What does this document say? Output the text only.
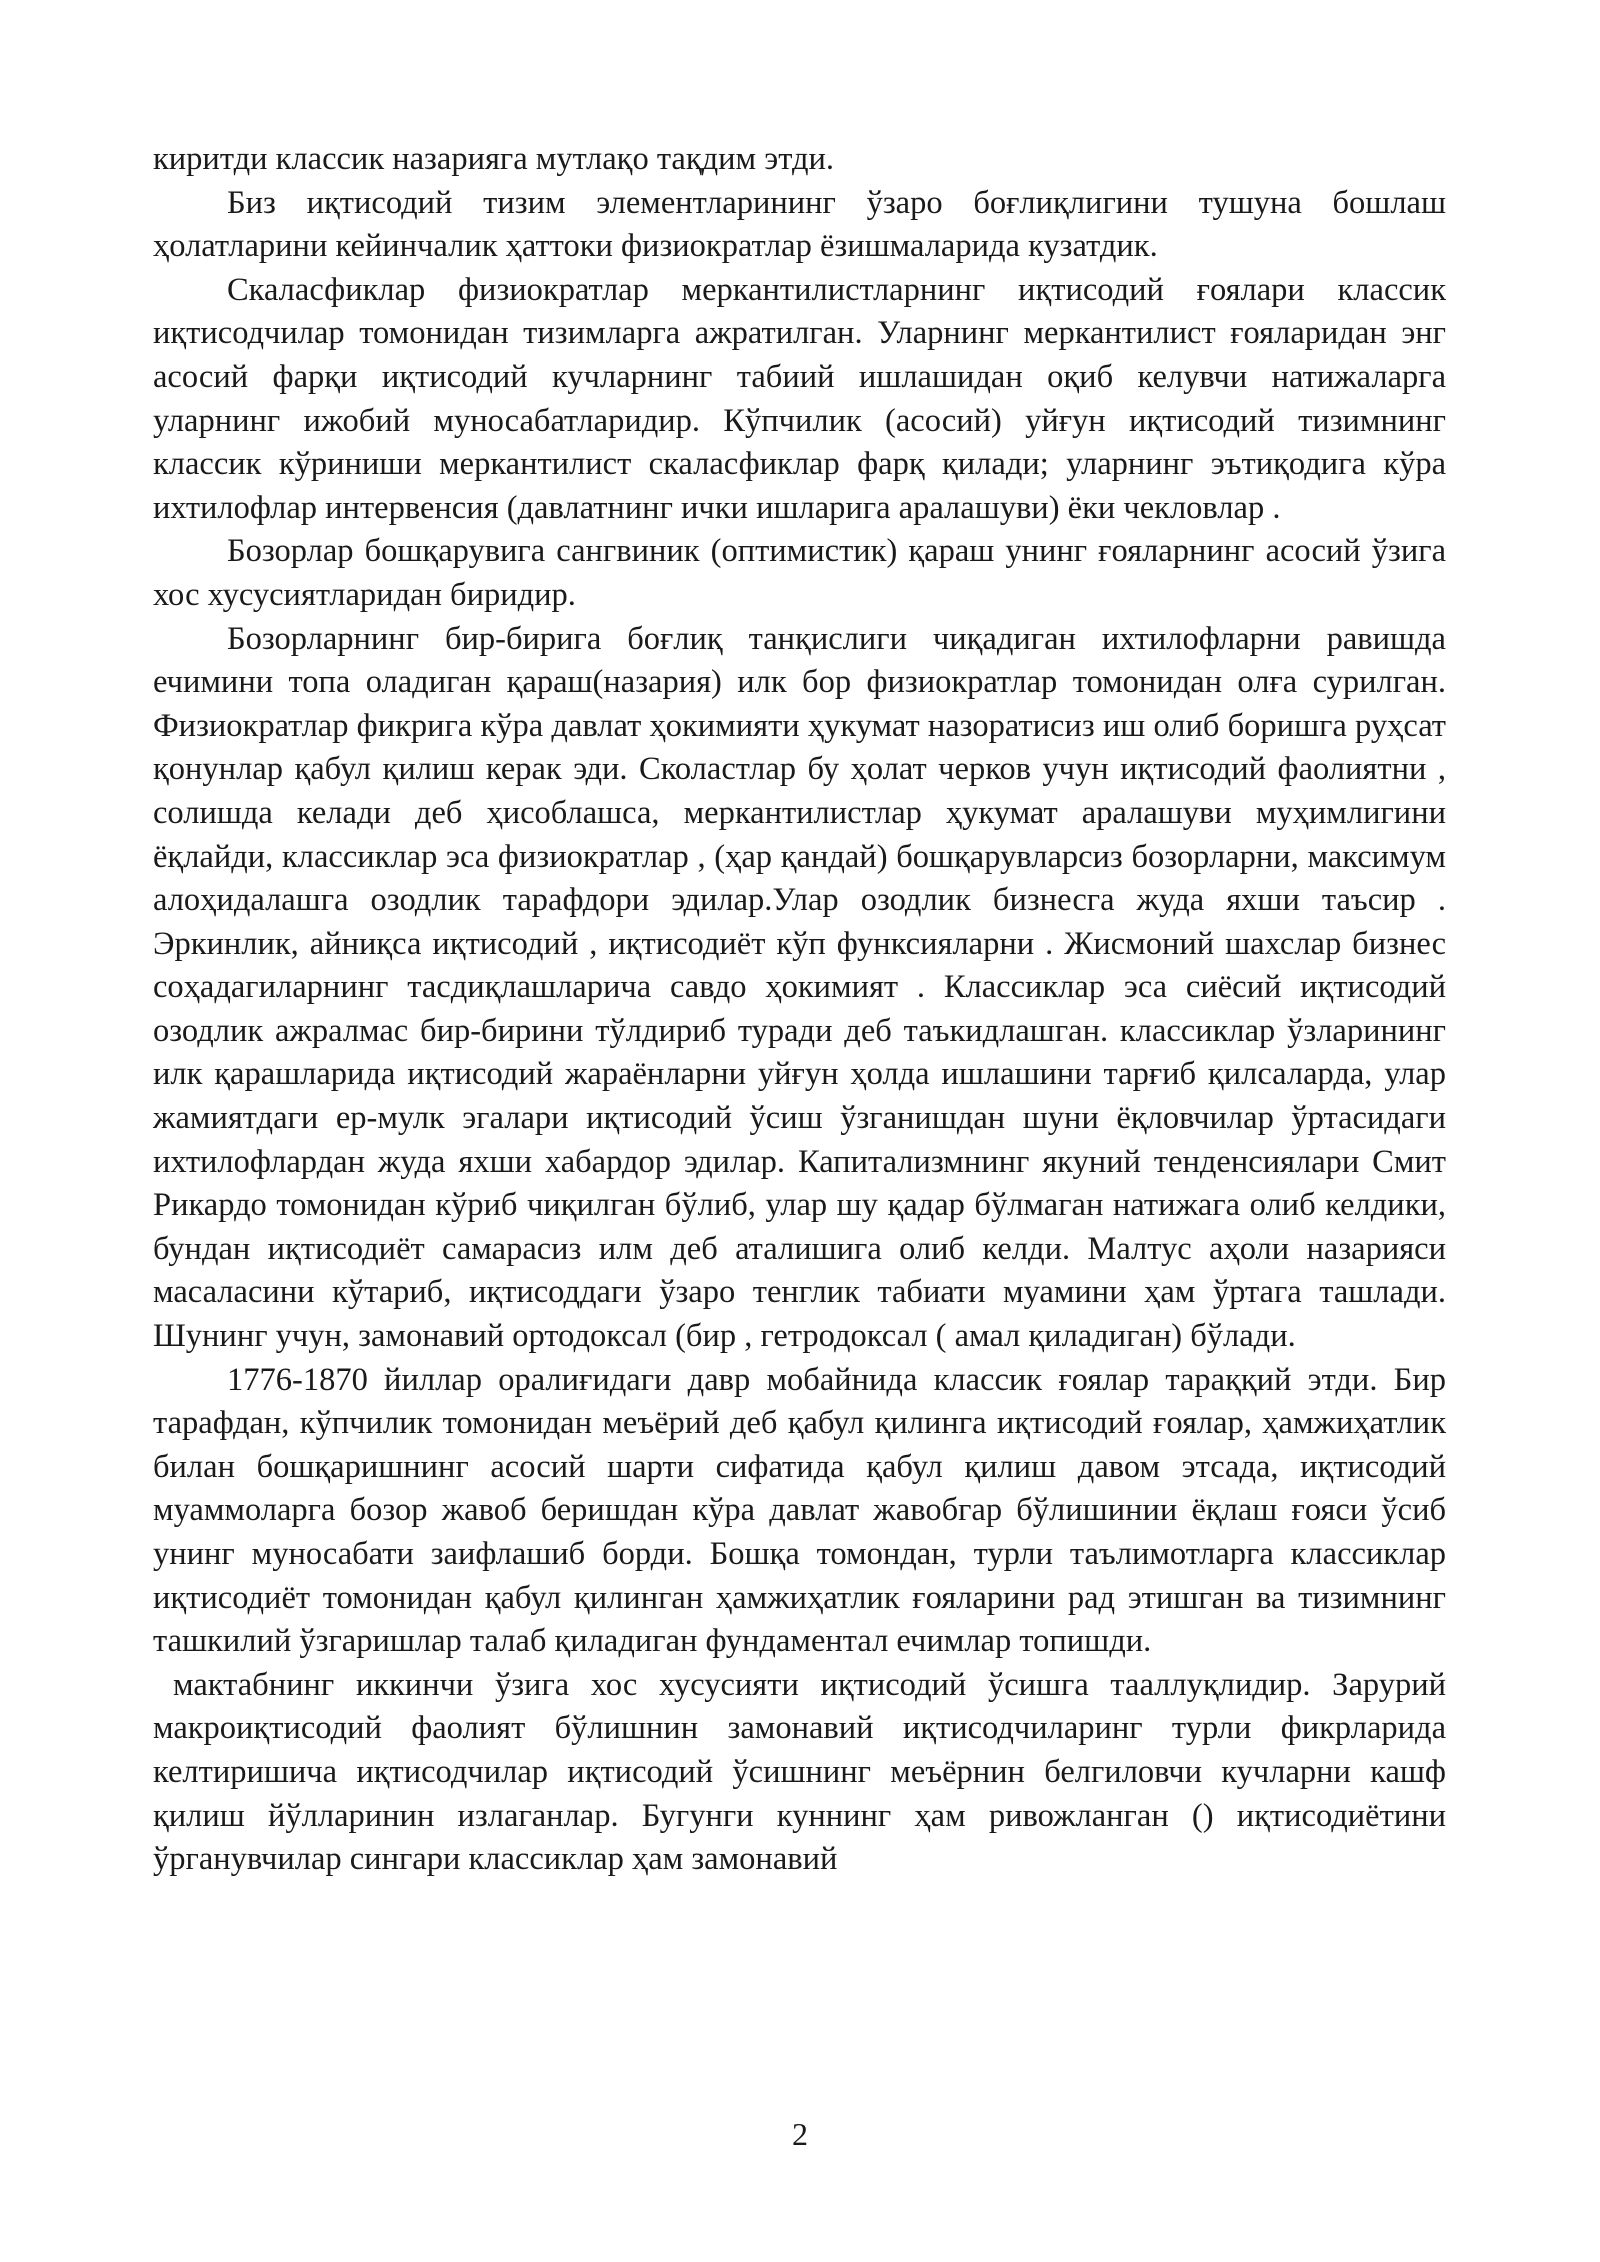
киритди классик назарияга мутлақо тақдим этди.

Биз иқтисодий тизим элементларининг ўзаро боғлиқлигини тушуна бошлаш ҳолатларини кейинчалик ҳаттоки физиократлар ёзишмаларида кузатдик.

Скаласфиклар физиократлар меркантилистларнинг иқтисодий ғоялари классик иқтисодчилар томонидан тизимларга ажратилган. Уларнинг меркантилист ғояларидан энг асосий фарқи иқтисодий кучларнинг табиий ишлашидан оқиб келувчи натижаларга уларнинг ижобий муносабатларидир. Кўпчилик (асосий) уйғун иқтисодий тизимнинг классик кўриниши меркантилист скаласфиклар фарқ қилади; уларнинг эътиқодига кўра ихтилофлар интервенсия (давлатнинг ички ишларига аралашуви) ёки чекловлар .

Бозорлар бошқарувига сангвиник (оптимистик) қараш унинг ғояларнинг асосий ўзига хос хусусиятларидан биридир.

Бозорларнинг бир-бирига боғлиқ танқислиги чиқадиган ихтилофларни равишда ечимини топа оладиган қараш(назария) илк бор физиократлар томонидан олға сурилган. Физиократлар фикрига кўра давлат ҳокимияти ҳукумат назоратисиз иш олиб боришга руҳсат қонунлар қабул қилиш керак эди. Сколастлар бу ҳолат черков учун иқтисодий фаолиятни , солишда келади деб ҳисоблашса, меркантилистлар ҳукумат аралашуви муҳимлигини ёқлайди, классиклар эса физиократлар , (ҳар қандай) бошқарувларсиз бозорларни, максимум алоҳидалашга озодлик тарафдори эдилар.Улар озодлик бизнесга жуда яхши таъсир . Эркинлик, айниқса иқтисодий , иқтисодиёт кўп функсияларни . Жисмоний шахслар бизнес соҳадагиларнинг тасдиқлашларича савдо ҳокимият . Классиклар эса сиёсий иқтисодий озодлик ажралмас бир-бирини тўлдириб туради деб таъкидлашган. классиклар ўзларининг илк қарашларида иқтисодий жараёнларни уйғун ҳолда ишлашини тарғиб қилсаларда, улар жамиятдаги ер-мулк эгалари иқтисодий ўсиш ўзганишдан шуни ёқловчилар ўртасидаги ихтилофлардан жуда яхши хабардор эдилар. Капитализмнинг якуний тенденсиялари Смит Рикардо томонидан кўриб чиқилган бўлиб, улар шу қадар бўлмаган натижага олиб келдики, бундан иқтисодиёт самарасиз илм деб аталишига олиб келди. Малтус аҳоли назарияси масаласини кўтариб, иқтисоддаги ўзаро тенглик табиати муамини ҳам ўртага ташлади. Шунинг учун, замонавий ортодоксал (бир , гетродоксал ( амал қиладиган) бўлади.

1776-1870 йиллар оралиғидаги давр мобайнида классик ғоялар тараққий этди. Бир тарафдан, кўпчилик томонидан меъёрий деб қабул қилинга иқтисодий ғоялар, ҳамжиҳатлик билан бошқаришнинг асосий шарти сифатида қабул қилиш давом этсада, иқтисодий муаммоларга бозор жавоб беришдан кўра давлат жавобгар бўлишинии ёқлаш ғояси ўсиб унинг муносабати заифлашиб борди. Бошқа томондан, турли таълимотларга классиклар иқтисодиёт томонидан қабул қилинган ҳамжиҳатлик ғояларини рад этишган ва тизимнинг ташкилий ўзгаришлар талаб қиладиган фундаментал ечимлар топишди.

мактабнинг иккинчи ўзига хос хусусияти иқтисодий ўсишга тааллуқлидир. Зарурий макроиқтисодий фаолият бўлишнин замонавий иқтисодчиларинг турли фикрларида келтиришича иқтисодчилар иқтисодий ўсишнинг меъёрнин белгиловчи кучларни кашф қилиш йўлларинин излаганлар. Бугунги куннинг ҳам ривожланган () иқтисодиётини ўрганувчилар сингари классиклар ҳам замонавий

2
